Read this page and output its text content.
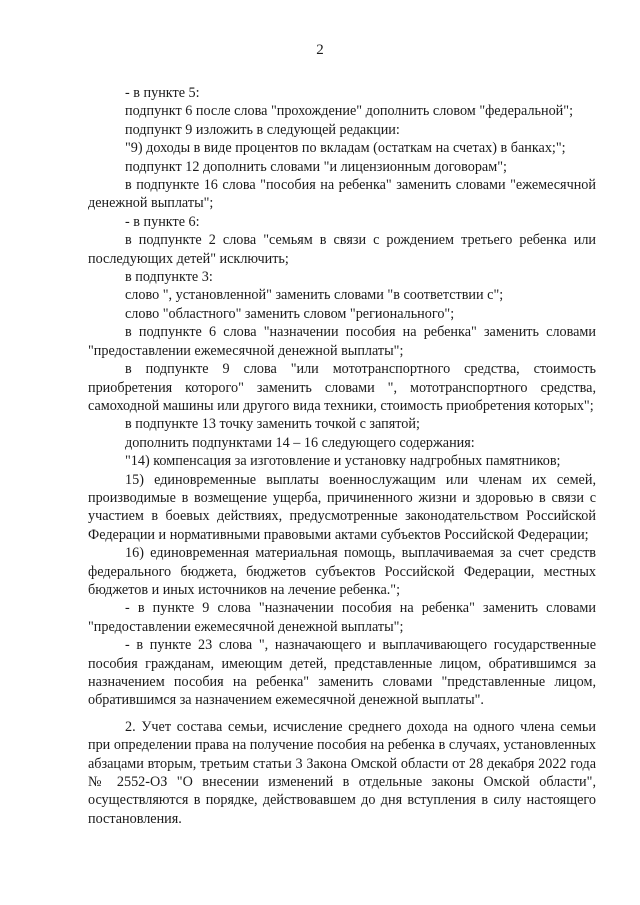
2

- в пункте 5:

подпункт 6 после слова "прохождение" дополнить словом "федеральной";

подпункт 9 изложить в следующей редакции:

"9) доходы в виде процентов по вкладам (остаткам на счетах) в банках;";

подпункт 12 дополнить словами "и лицензионным договорам";

в подпункте 16 слова "пособия на ребенка" заменить словами "ежемесячной денежной выплаты";

- в пункте 6:

в подпункте 2 слова "семьям в связи с рождением третьего ребенка или последующих детей" исключить;

в подпункте 3:

слово ", установленной" заменить словами "в соответствии с";

слово "областного" заменить словом "регионального";

в подпункте 6 слова "назначении пособия на ребенка" заменить словами "предоставлении ежемесячной денежной выплаты";

в подпункте 9 слова "или мототранспортного средства, стоимость приобретения которого" заменить словами ", мототранспортного средства, самоходной машины или другого вида техники, стоимость приобретения которых";

в подпункте 13 точку заменить точкой с запятой;

дополнить подпунктами 14 – 16 следующего содержания:

"14) компенсация за изготовление и установку надгробных памятников;

15) единовременные выплаты военнослужащим или членам их семей, производимые в возмещение ущерба, причиненного жизни и здоровью в связи с участием в боевых действиях, предусмотренные законодательством Российской Федерации и нормативными правовыми актами субъектов Российской Федерации;

16) единовременная материальная помощь, выплачиваемая за счет средств федерального бюджета, бюджетов субъектов Российской Федерации, местных бюджетов и иных источников на лечение ребенка.";

- в пункте 9 слова "назначении пособия на ребенка" заменить словами "предоставлении ежемесячной денежной выплаты";

- в пункте 23 слова ", назначающего и выплачивающего государственные пособия гражданам, имеющим детей, представленные лицом, обратившимся за назначением пособия на ребенка" заменить словами "представленные лицом, обратившимся за назначением ежемесячной денежной выплаты".

2. Учет состава семьи, исчисление среднего дохода на одного члена семьи при определении права на получение пособия на ребенка в случаях, установленных абзацами вторым, третьим статьи 3 Закона Омской области от 28 декабря 2022 года № 2552-ОЗ "О внесении изменений в отдельные законы Омской области", осуществляются в порядке, действовавшем до дня вступления в силу настоящего постановления.
